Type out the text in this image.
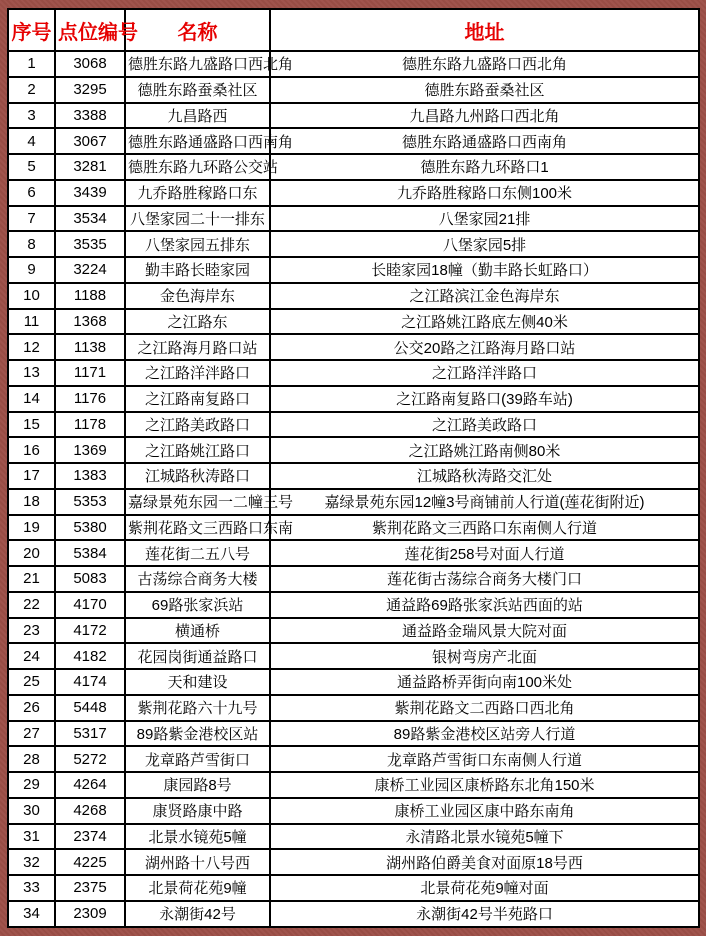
序号	点位编号	名称	地址
1	3068	德胜东路九盛路口西北角	德胜东路九盛路口西北角
2	3295	德胜东路蚕桑社区	德胜东路蚕桑社区
3	3388	九昌路西	九昌路九州路口西北角
4	3067	德胜东路通盛路口西南角	德胜东路通盛路口西南角
5	3281	德胜东路九环路公交站	德胜东路九环路口1
6	3439	九乔路胜稼路口东	九乔路胜稼路口东侧100米
7	3534	八堡家园二十一排东	八堡家园21排
8	3535	八堡家园五排东	八堡家园5排
9	3224	勤丰路长睦家园	长睦家园18幢（勤丰路长虹路口）
10	1188	金色海岸东	之江路滨江金色海岸东
11	1368	之江路东	之江路姚江路底左侧40米
12	1138	之江路海月路口站	公交20路之江路海月路口站
13	1171	之江路洋泮路口	之江路洋泮路口
14	1176	之江路南复路口	之江路南复路口(39路车站)
15	1178	之江路美政路口	之江路美政路口
16	1369	之江路姚江路口	之江路姚江路南侧80米
17	1383	江城路秋涛路口	江城路秋涛路交汇处
18	5353	嘉绿景苑东园一二幢三号	嘉绿景苑东园12幢3号商铺前人行道(莲花街附近)
19	5380	紫荆花路文三西路口东南	紫荆花路文三西路口东南侧人行道
20	5384	莲花街二五八号	莲花街258号对面人行道
21	5083	古荡综合商务大楼	莲花街古荡综合商务大楼门口
22	4170	69路张家浜站	通益路69路张家浜站西面的站
23	4172	横通桥	通益路金瑞风景大院对面
24	4182	花园岗街通益路口	银树弯房产北面
25	4174	天和建设	通益路桥弄街向南100米处
26	5448	紫荆花路六十九号	紫荆花路文二西路口西北角
27	5317	89路紫金港校区站	89路紫金港校区站旁人行道
28	5272	龙章路芦雪街口	龙章路芦雪街口东南侧人行道
29	4264	康园路8号	康桥工业园区康桥路东北角150米
30	4268	康贤路康中路	康桥工业园区康中路东南角
31	2374	北景水镜苑5幢	永清路北景水镜苑5幢下
32	4225	湖州路十八号西	湖州路伯爵美食对面原18号西
33	2375	北景荷花苑9幢	北景荷花苑9幢对面
34	2309	永潮街42号	永潮街42号半苑路口
